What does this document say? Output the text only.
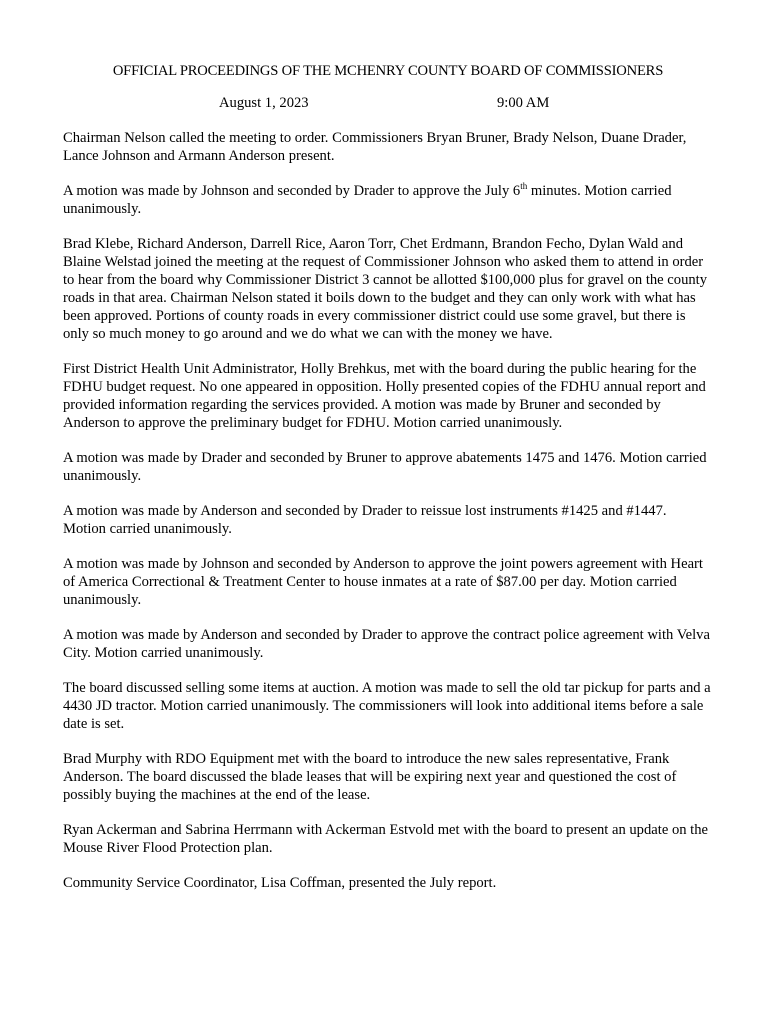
OFFICIAL PROCEEDINGS OF THE MCHENRY COUNTY BOARD OF COMMISSIONERS
August 1, 2023	9:00 AM

Chairman Nelson called the meeting to order. Commissioners Bryan Bruner, Brady Nelson, Duane Drader, Lance Johnson and Armann Anderson present.

A motion was made by Johnson and seconded by Drader to approve the July 6th minutes. Motion carried unanimously.

Brad Klebe, Richard Anderson, Darrell Rice, Aaron Torr, Chet Erdmann, Brandon Fecho, Dylan Wald and Blaine Welstad joined the meeting at the request of Commissioner Johnson who asked them to attend in order to hear from the board why Commissioner District 3 cannot be allotted $100,000 plus for gravel on the county roads in that area. Chairman Nelson stated it boils down to the budget and they can only work with what has been approved. Portions of county roads in every commissioner district could use some gravel, but there is only so much money to go around and we do what we can with the money we have.

First District Health Unit Administrator, Holly Brehkus, met with the board during the public hearing for the FDHU budget request. No one appeared in opposition. Holly presented copies of the FDHU annual report and provided information regarding the services provided. A motion was made by Bruner and seconded by Anderson to approve the preliminary budget for FDHU. Motion carried unanimously.

A motion was made by Drader and seconded by Bruner to approve abatements 1475 and 1476. Motion carried unanimously.

A motion was made by Anderson and seconded by Drader to reissue lost instruments #1425 and #1447. Motion carried unanimously.

A motion was made by Johnson and seconded by Anderson to approve the joint powers agreement with Heart of America Correctional & Treatment Center to house inmates at a rate of $87.00 per day. Motion carried unanimously.

A motion was made by Anderson and seconded by Drader to approve the contract police agreement with Velva City. Motion carried unanimously.

The board discussed selling some items at auction. A motion was made to sell the old tar pickup for parts and a 4430 JD tractor. Motion carried unanimously. The commissioners will look into additional items before a sale date is set.

Brad Murphy with RDO Equipment met with the board to introduce the new sales representative, Frank Anderson. The board discussed the blade leases that will be expiring next year and questioned the cost of possibly buying the machines at the end of the lease.

Ryan Ackerman and Sabrina Herrmann with Ackerman Estvold met with the board to present an update on the Mouse River Flood Protection plan.

Community Service Coordinator, Lisa Coffman, presented the July report.
